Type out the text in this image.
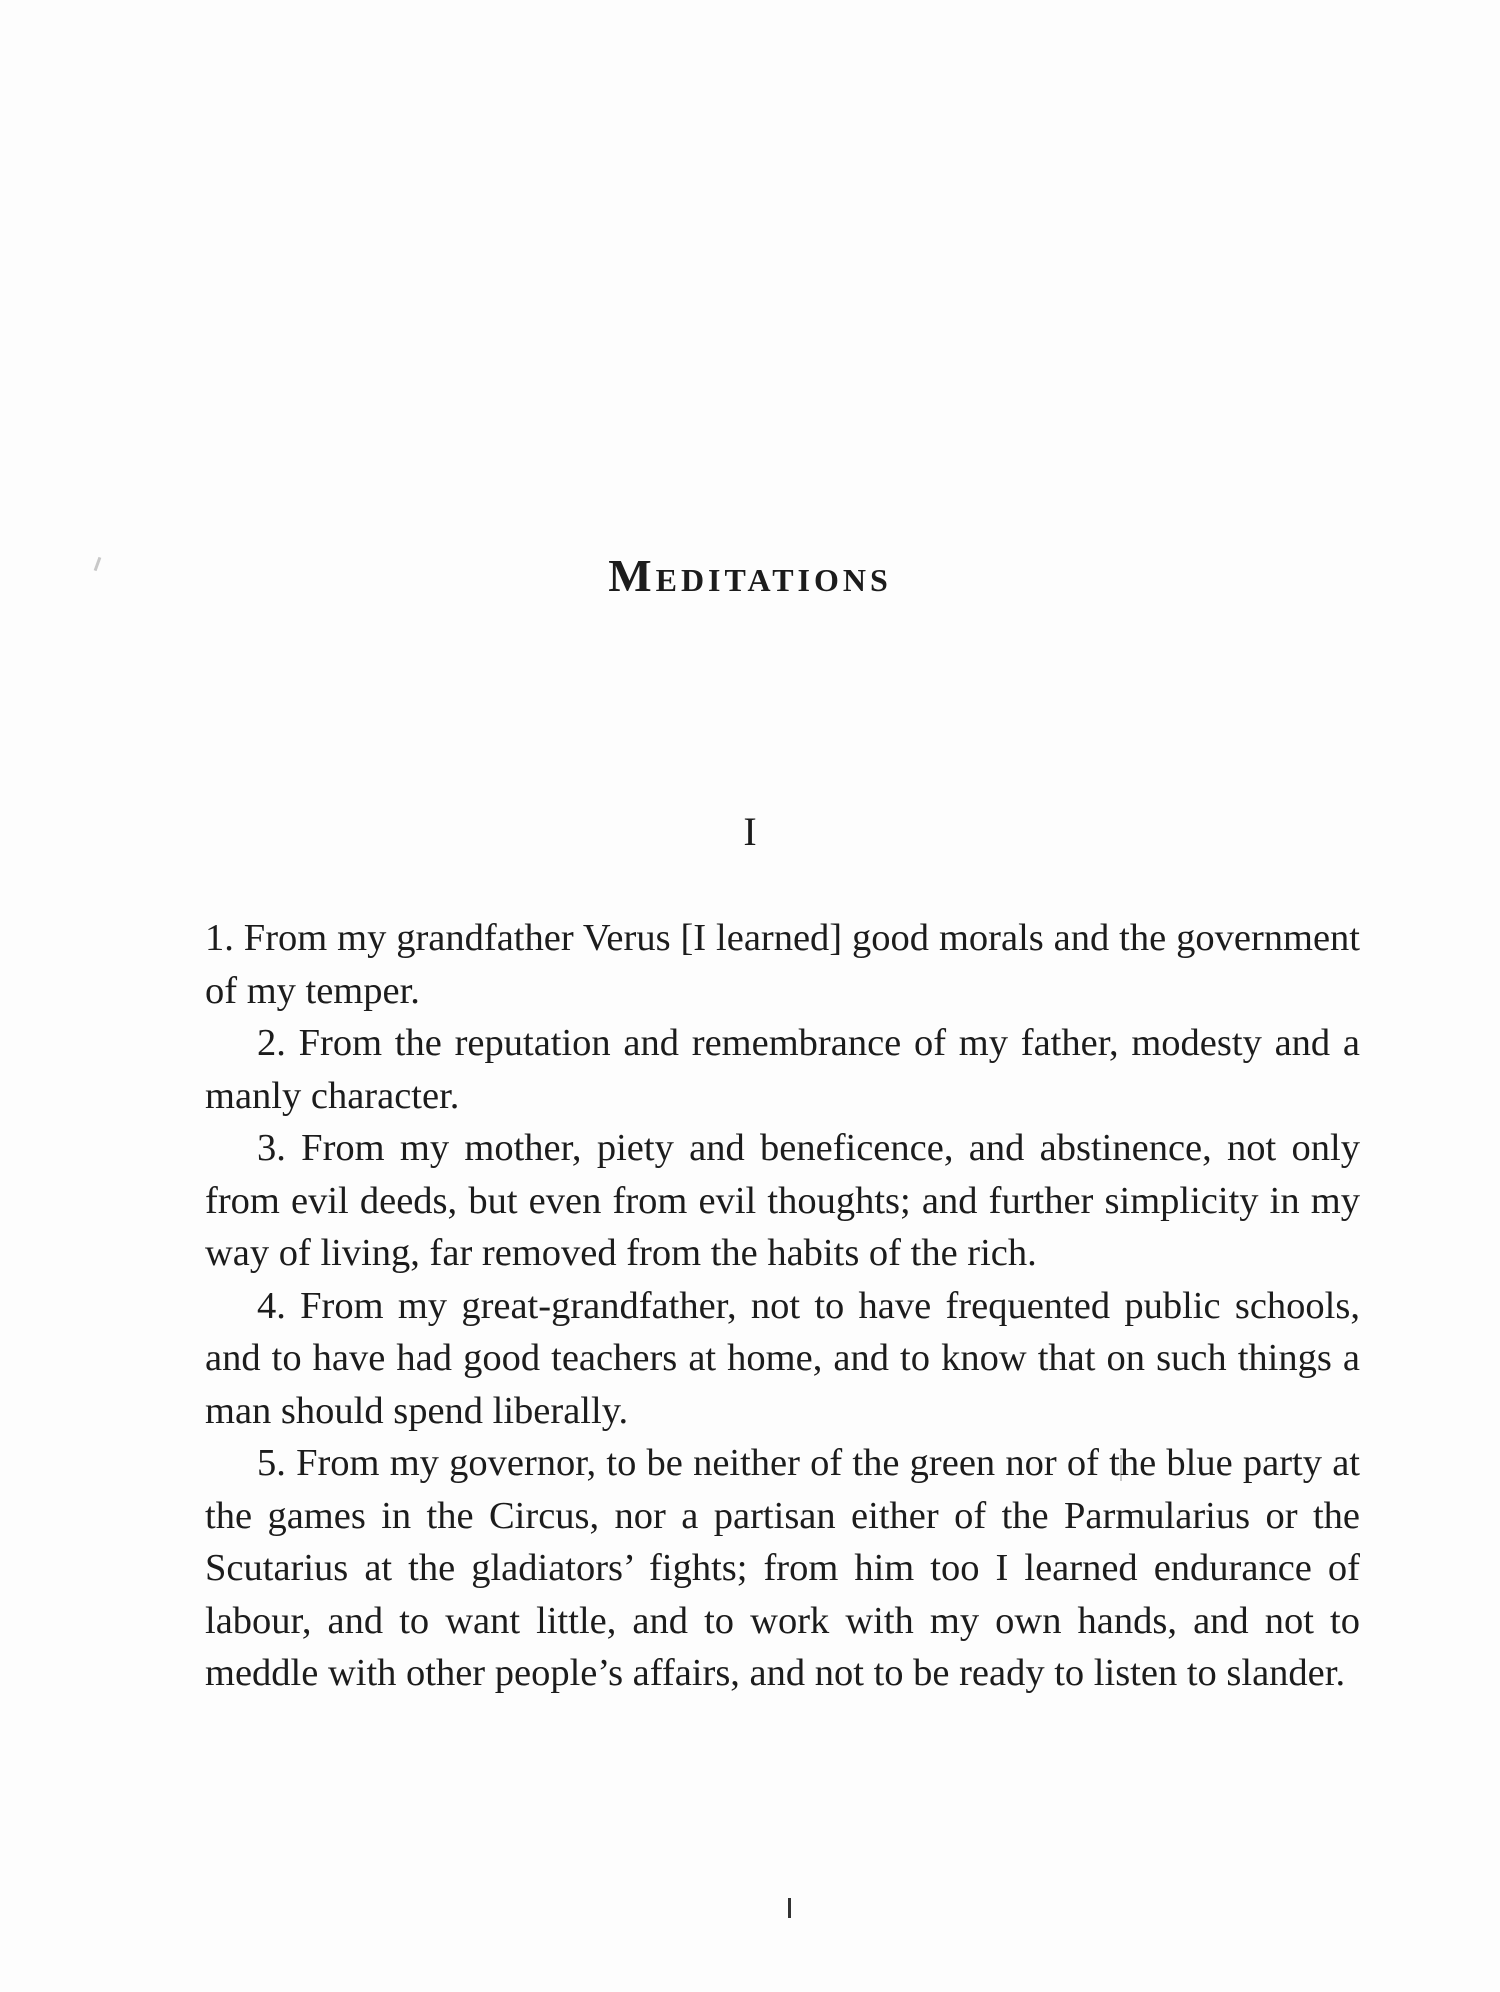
Meditations
I

1. From my grandfather Verus [I learned] good morals and the government of my temper.

2. From the reputation and remembrance of my father, modesty and a manly character.

3. From my mother, piety and beneficence, and abstinence, not only from evil deeds, but even from evil thoughts; and further simplicity in my way of living, far removed from the habits of the rich.

4. From my great-grandfather, not to have frequented public schools, and to have had good teachers at home, and to know that on such things a man should spend liberally.

5. From my governor, to be neither of the green nor of the blue party at the games in the Circus, nor a partisan either of the Parmularius or the Scutarius at the gladiators’ fights; from him too I learned endurance of labour, and to want little, and to work with my own hands, and not to meddle with other people’s affairs, and not to be ready to listen to slander.
